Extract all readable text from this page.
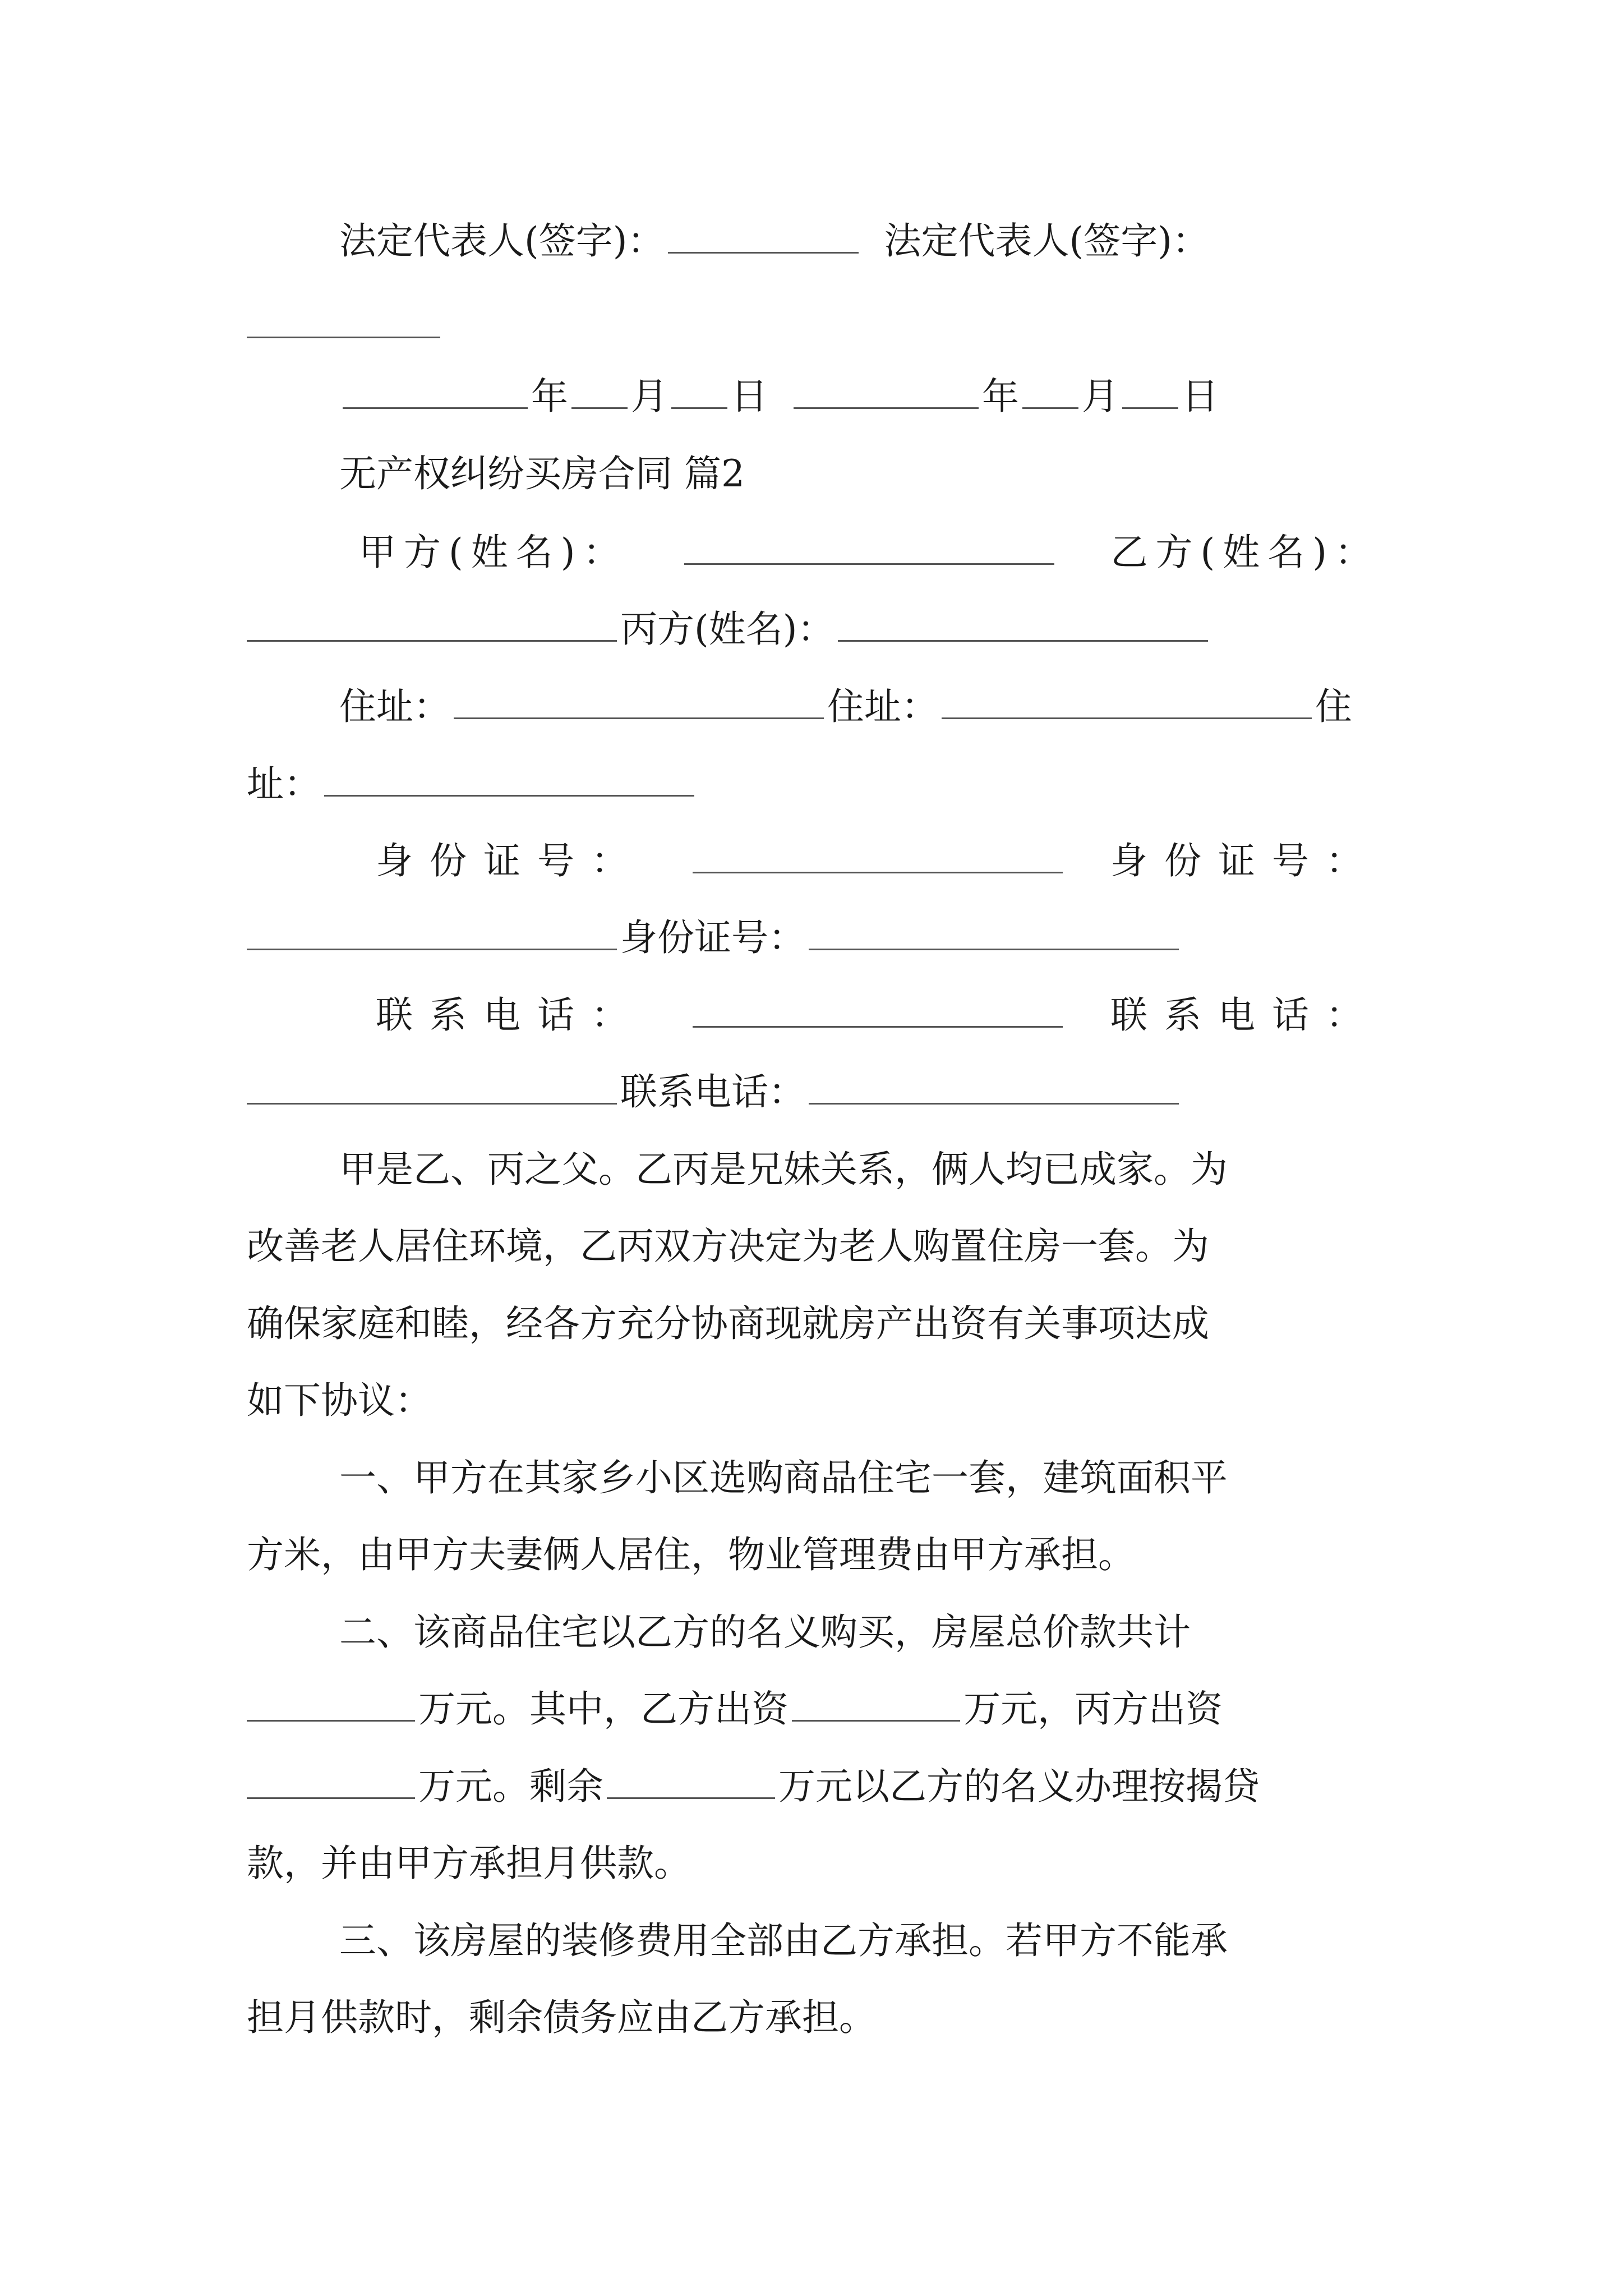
法定代表人(签字)：	法定代表人(签字)：
年 月 日	年 月 日
无产权纠纷买房合同 篇2
甲方(姓名)：	乙方(姓名)：
丙方(姓名)：
住址：	住址：	住
址：
身份证号：	身份证号：
身份证号：
联系电话：	联系电话：
联系电话：
甲是乙、丙之父。乙丙是兄妹关系，俩人均已成家。为
改善老人居住环境，乙丙双方决定为老人购置住房一套。为
确保家庭和睦，经各方充分协商现就房产出资有关事项达成
如下协议：
一、甲方在其家乡小区选购商品住宅一套，建筑面积平
方米，由甲方夫妻俩人居住，物业管理费由甲方承担。
二、该商品住宅以乙方的名义购买，房屋总价款共计
万元。其中，乙方出资	万元，丙方出资
万元。剩余	万元以乙方的名义办理按揭贷
款，并由甲方承担月供款。
三、该房屋的装修费用全部由乙方承担。若甲方不能承
担月供款时，剩余债务应由乙方承担。
